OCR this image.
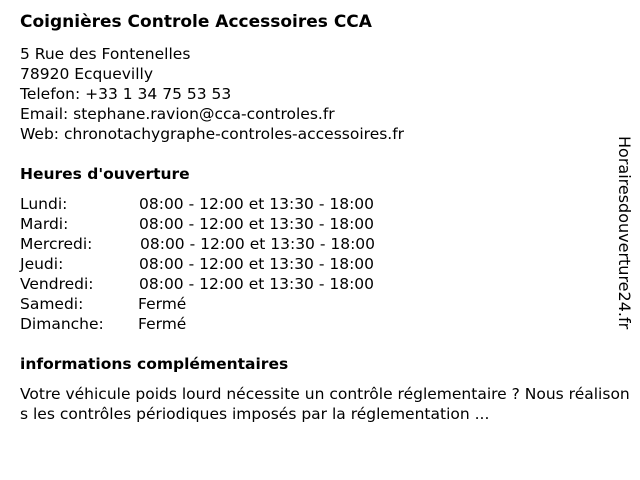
Coignières Controle Accessoires CCA
5 Rue des Fontenelles
78920 Ecquevilly
Telefon: +33 1 34 75 53 53
Email: stephane.ravion@cca-controles.fr
Web: chronotachygraphe-controles-accessoires.fr
Heures d'ouverture
Lundi:	08:00 - 12:00 et 13:30 - 18:00
Mardi:	08:00 - 12:00 et 13:30 - 18:00
Mercredi:	08:00 - 12:00 et 13:30 - 18:00
Jeudi:	08:00 - 12:00 et 13:30 - 18:00
Vendredi:	08:00 - 12:00 et 13:30 - 18:00
Samedi:	Fermé
Dimanche: Fermé
informations complémentaires
Votre véhicule poids lourd nécessite un contrôle réglementaire ? Nous réalisons les contrôles périodiques imposés par la réglementation ...
Horairesdouverture24.fr
